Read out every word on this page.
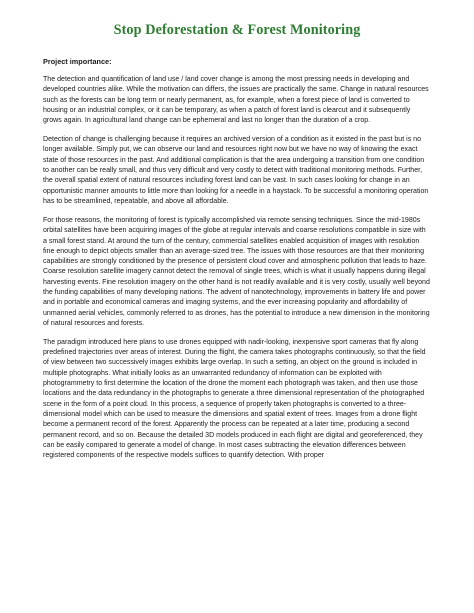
Stop Deforestation & Forest Monitoring
Project importance:

The detection and quantification of land use / land cover change is among the most pressing needs in developing and developed countries alike. While the motivation can differs, the issues are practically the same. Change in natural resources such as the forests can be long term or nearly permanent, as, for example, when a forest piece of land is converted to housing or an industrial complex, or it can be temporary, as when a patch of forest land is clearcut and it subsequently grows again. In agricultural land change can be ephemeral and last no longer than the duration of a crop.

Detection of change is challenging because it requires an archived version of a condition as it existed in the past but is no longer available. Simply put, we can observe our land and resources right now but we have no way of knowing the exact state of those resources in the past. And additional complication is that the area undergoing a transition from one condition to another can be really small, and thus very difficult and very costly to detect with traditional monitoring methods. Further, the overall spatial extent of natural resources including forest land can be vast. In such cases looking for change in an opportunistic manner amounts to little more than looking for a needle in a haystack. To be successful a monitoring operation has to be streamlined, repeatable, and above all affordable.

For those reasons, the monitoring of forest is typically accomplished via remote sensing techniques. Since the mid-1980s orbital satellites have been acquiring images of the globe at regular intervals and coarse resolutions compatible in size with a small forest stand. At around the turn of the century, commercial satellites enabled acquisition of images with resolution fine enough to depict objects smaller than an average-sized tree. The issues with those resources are that their monitoring capabilities are strongly conditioned by the presence of persistent cloud cover and atmospheric pollution that leads to haze. Coarse resolution satellite imagery cannot detect the removal of single trees, which is what it usually happens during illegal harvesting events. Fine resolution imagery on the other hand is not readily available and it is very costly, usually well beyond the funding capabilities of many developing nations. The advent of nanotechnology, improvements in battery life and power and in portable and economical cameras and imaging systems, and the ever increasing popularity and affordability of unmanned aerial vehicles, commonly referred to as drones, has the potential to introduce a new dimension in the monitoring of natural resources and forests.

The paradigm introduced here plans to use drones equipped with nadir-looking, inexpensive sport cameras that fly along predefined trajectories over areas of interest. During the flight, the camera takes photographs continuously, so that the field of view between two successively images exhibits large overlap. In such a setting, an object on the ground is included in multiple photographs. What initially looks as an unwarranted redundancy of information can be exploited with photogrammetry to first determine the location of the drone the moment each photograph was taken, and then use those locations and the data redundancy in the photographs to generate a three dimensional representation of the photographed scene in the form of a point cloud. In this process, a sequence of properly taken photographs is converted to a three-dimensional model which can be used to measure the dimensions and spatial extent of trees. Images from a drone flight become a permanent record of the forest. Apparently the process can be repeated at a later time, producing a second permanent record, and so on. Because the detailed 3D models produced in each flight are digital and georeferenced, they can be easily compared to generate a model of change. In most cases subtracting the elevation differences between registered components of the respective models suffices to quantify detection. With proper
